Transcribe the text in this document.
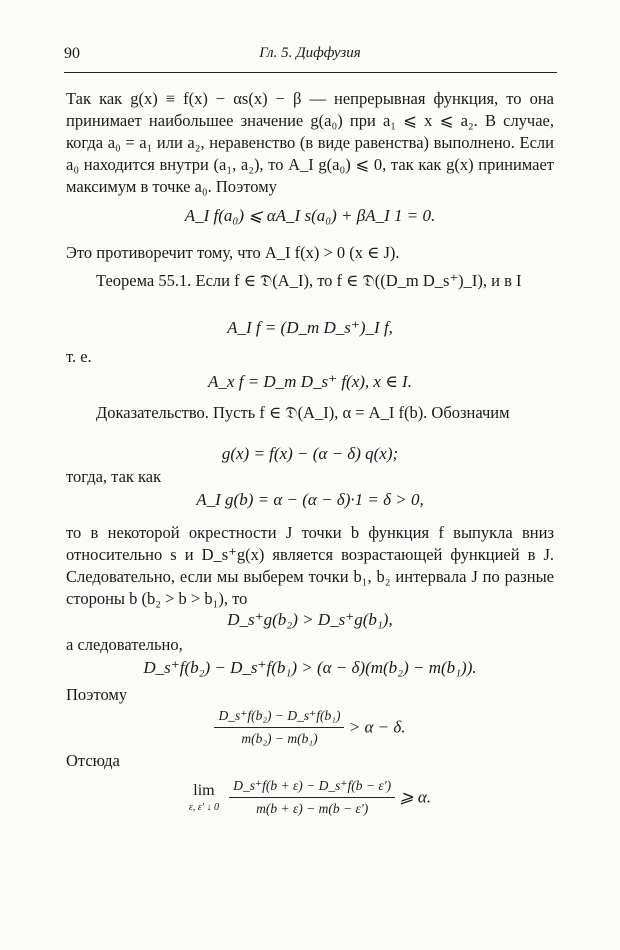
90	Гл. 5. Диффузия

Так как g(x) ≡ f(x) − αs(x) − β — непрерывная функция, то она принимает наибольшее значение g(a₀) при a₁ ⩽ x ⩽ a₂. В случае, когда a₀ = a₁ или a₂, неравенство (в виде равенства) выполнено. Если a₀ находится внутри (a₁, a₂), то A_I g(a₀) ⩽ 0, так как g(x) принимает максимум в точке a₀. Поэтому

A_I f(a₀) ⩽ αA_I s(a₀) + βA_I 1 = 0.
Это противоречит тому, что A_I f(x) > 0 (x ∈ J).

Теорема 55.1. Если f ∈ 𝔇(A_I), то f ∈ 𝔇((D_m D_s⁺)_I), и в I

A_I f = (D_m D_s⁺)_I f,
т. е.
A_x f = D_m D_s⁺ f(x), x ∈ I.

Доказательство. Пусть f ∈ 𝔇(A_I), α = A_I f(b). Обозначим

g(x) = f(x) − (α − δ) q(x);
тогда, так как
A_I g(b) = α − (α − δ)·1 = δ > 0,

то в некоторой окрестности J точки b функция f выпукла вниз относительно s и D_s⁺g(x) является возрастающей функцией в J. Следовательно, если мы выберем точки b₁, b₂ интервала J по разные стороны b (b₂ > b > b₁), то

D_s⁺g(b₂) > D_s⁺g(b₁),
а следовательно,
D_s⁺f(b₂) − D_s⁺f(b₁) > (α − δ)(m(b₂) − m(b₁)).
Поэтому
$\frac{\text{D\_s⁺f(b₂) − D\_s⁺f(b₁)}}{\text{m(b₂) − m(b₁)}} > \alpha - \delta$.
Отсюда
lim
ε, ε′ ↓ 0
$\frac{D\_s^+f(b + \varepsilon) - D\_s^+f(b - \varepsilon')}{m(b + \varepsilon) - m(b - \varepsilon')}$ ⩾ α.
